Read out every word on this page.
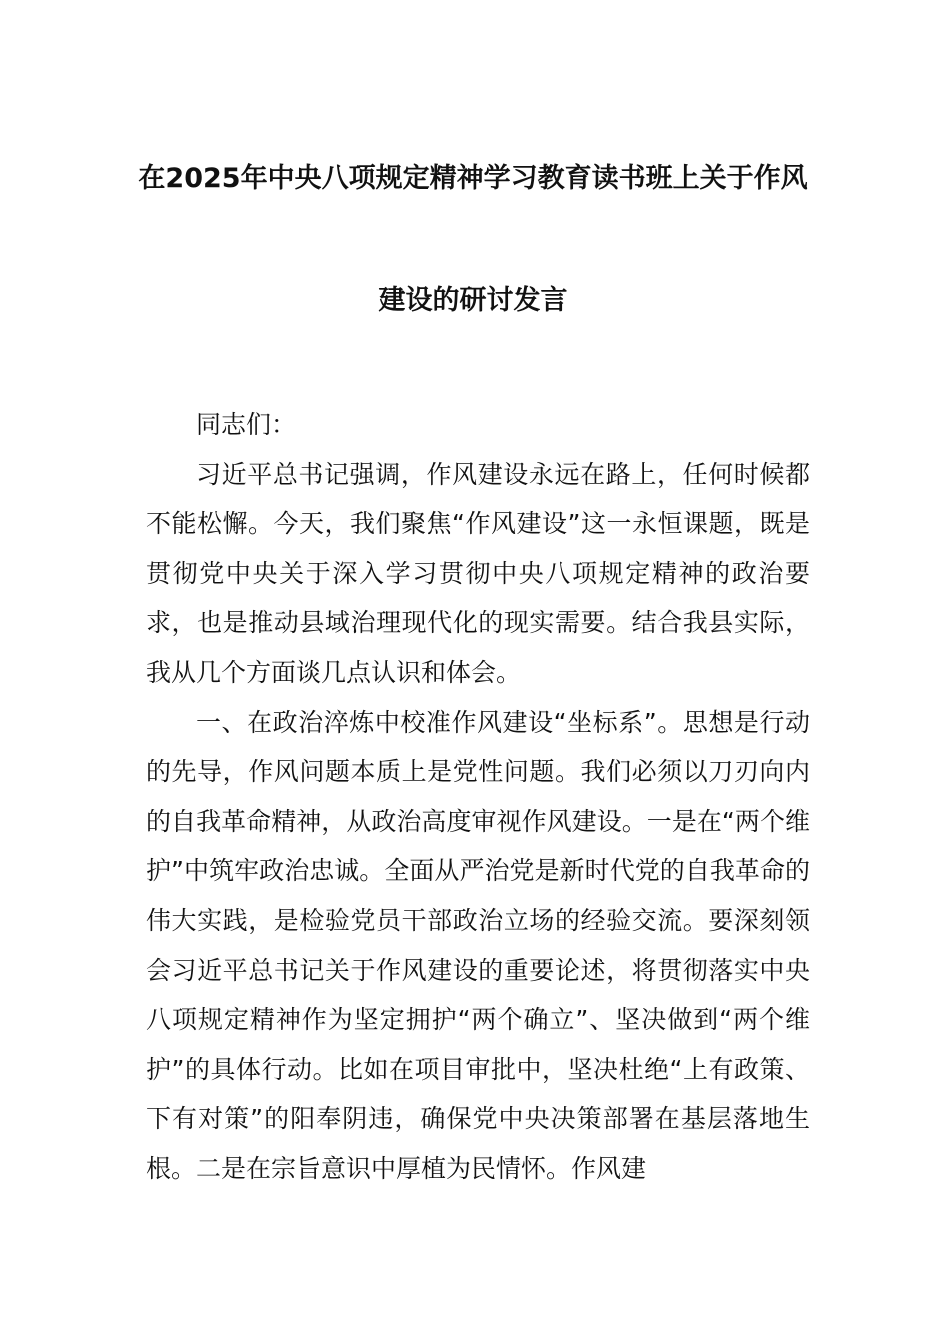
在2025年中央八项规定精神学习教育读书班上关于作风
建设的研讨发言

同志们：

习近平总书记强调，作风建设永远在路上，任何时候都不能松懈。今天，我们聚焦“作风建设”这一永恒课题，既是贯彻党中央关于深入学习贯彻中央八项规定精神的政治要求，也是推动县域治理现代化的现实需要。结合我县实际，我从几个方面谈几点认识和体会。

一、在政治淬炼中校准作风建设“坐标系”。思想是行动的先导，作风问题本质上是党性问题。我们必须以刀刃向内的自我革命精神，从政治高度审视作风建设。一是在“两个维护”中筑牢政治忠诚。全面从严治党是新时代党的自我革命的伟大实践，是检验党员干部政治立场的经验交流。要深刻领会习近平总书记关于作风建设的重要论述，将贯彻落实中央八项规定精神作为坚定拥护“两个确立”、坚决做到“两个维护”的具体行动。比如在项目审批中，坚决杜绝“上有政策、下有对策”的阳奉阴违，确保党中央决策部署在基层落地生根。二是在宗旨意识中厚植为民情怀。作风建
